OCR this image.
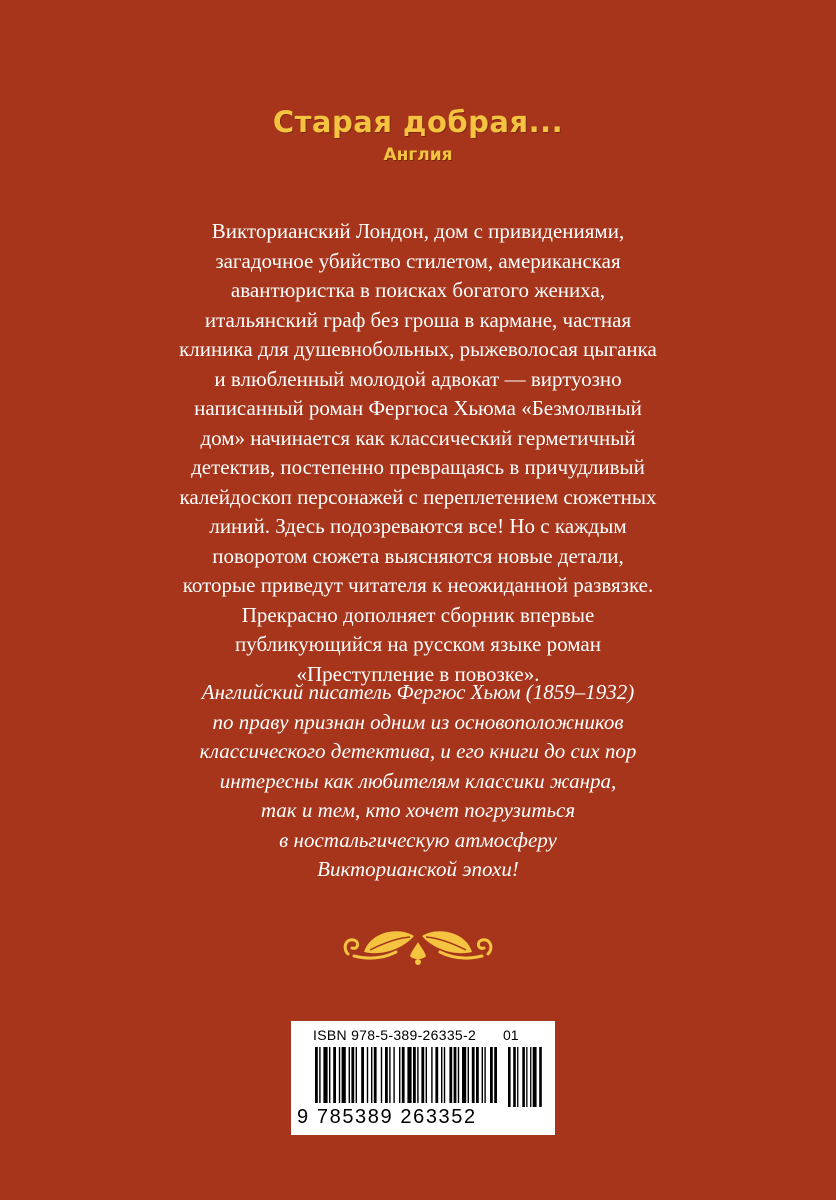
Старая добрая...
Англия
Викторианский Лондон, дом с привидениями,
загадочное убийство стилетом, американская
авантюристка в поисках богатого жениха,
итальянский граф без гроша в кармане, частная
клиника для душевнобольных, рыжеволосая цыганка
и влюбленный молодой адвокат — виртуозно
написанный роман Фергюса Хьюма «Безмолвный
дом» начинается как классический герметичный
детектив, постепенно превращаясь в причудливый
калейдоскоп персонажей с переплетением сюжетных
линий. Здесь подозреваются все! Но с каждым
поворотом сюжета выясняются новые детали,
которые приведут читателя к неожиданной развязке.
Прекрасно дополняет сборник впервые
публикующийся на русском языке роман
«Преступление в повозке».
Английский писатель Фергюс Хьюм (1859–1932)
по праву признан одним из основоположников
классического детектива, и его книги до сих пор
интересны как любителям классики жанра,
так и тем, кто хочет погрузиться
в ностальгическую атмосферу
Викторианской эпохи!
ISBN 978-5-389-26335-2 01
9 785389 263352
